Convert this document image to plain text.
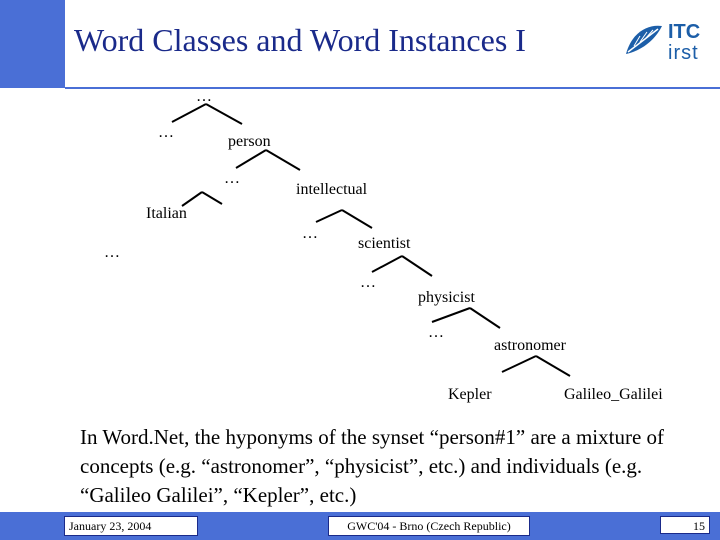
Word Classes and Word Instances I	ITC
irst
…
…
person
…
intellectual
Italian
…
scientist
…
…
physicist
…
astronomer
Kepler	Galileo_Galilei
In Word.Net, the hyponyms of the synset “person#1” are a mixture of concepts (e.g. “astronomer”, “physicist”, etc.) and individuals (e.g. “Galileo Galilei”, “Kepler”, etc.)
January 23, 2004	GWC'04 - Brno (Czech Republic)	15
